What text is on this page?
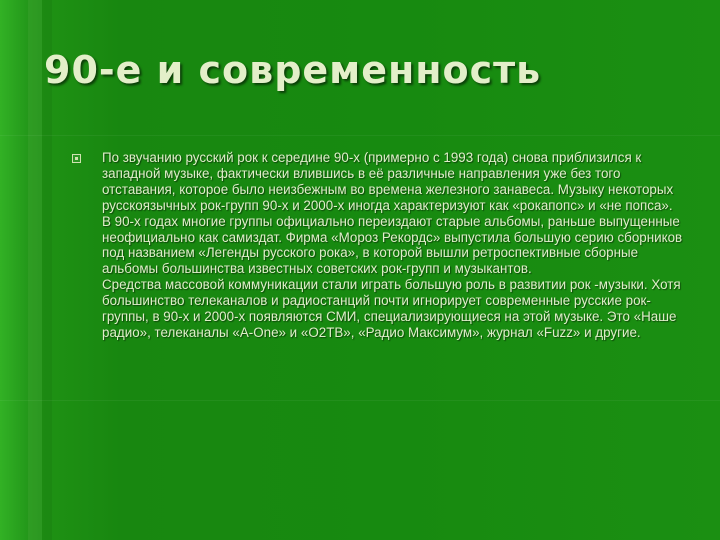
90-е и современность

По звучанию русский рок к середине 90-х (примерно с 1993 года) снова приблизился к западной музыке, фактически влившись в её различные направления уже без того отставания, которое было неизбежным во времена железного занавеса. Музыку некоторых русскоязычных рок-групп 90-х и 2000-х иногда характеризуют как «рокапопс» и «не попса».

В 90-х годах многие группы официально переиздают старые альбомы, раньше выпущенные неофициально как самиздат. Фирма «Мороз Рекордс» выпустила большую серию сборников под названием «Легенды русского рока», в которой вышли ретроспективные сборные альбомы большинства известных советских рок-групп и музыкантов.

Средства массовой коммуникации стали играть большую роль в развитии рок -музыки. Хотя большинство телеканалов и радиостанций почти игнорирует современные русские рок-группы, в 90-х и 2000-х появляются СМИ, специализирующиеся на этой музыке. Это «Наше радио», телеканалы «A-One» и «O2TB», «Радио Максимум», журнал «Fuzz» и другие.
